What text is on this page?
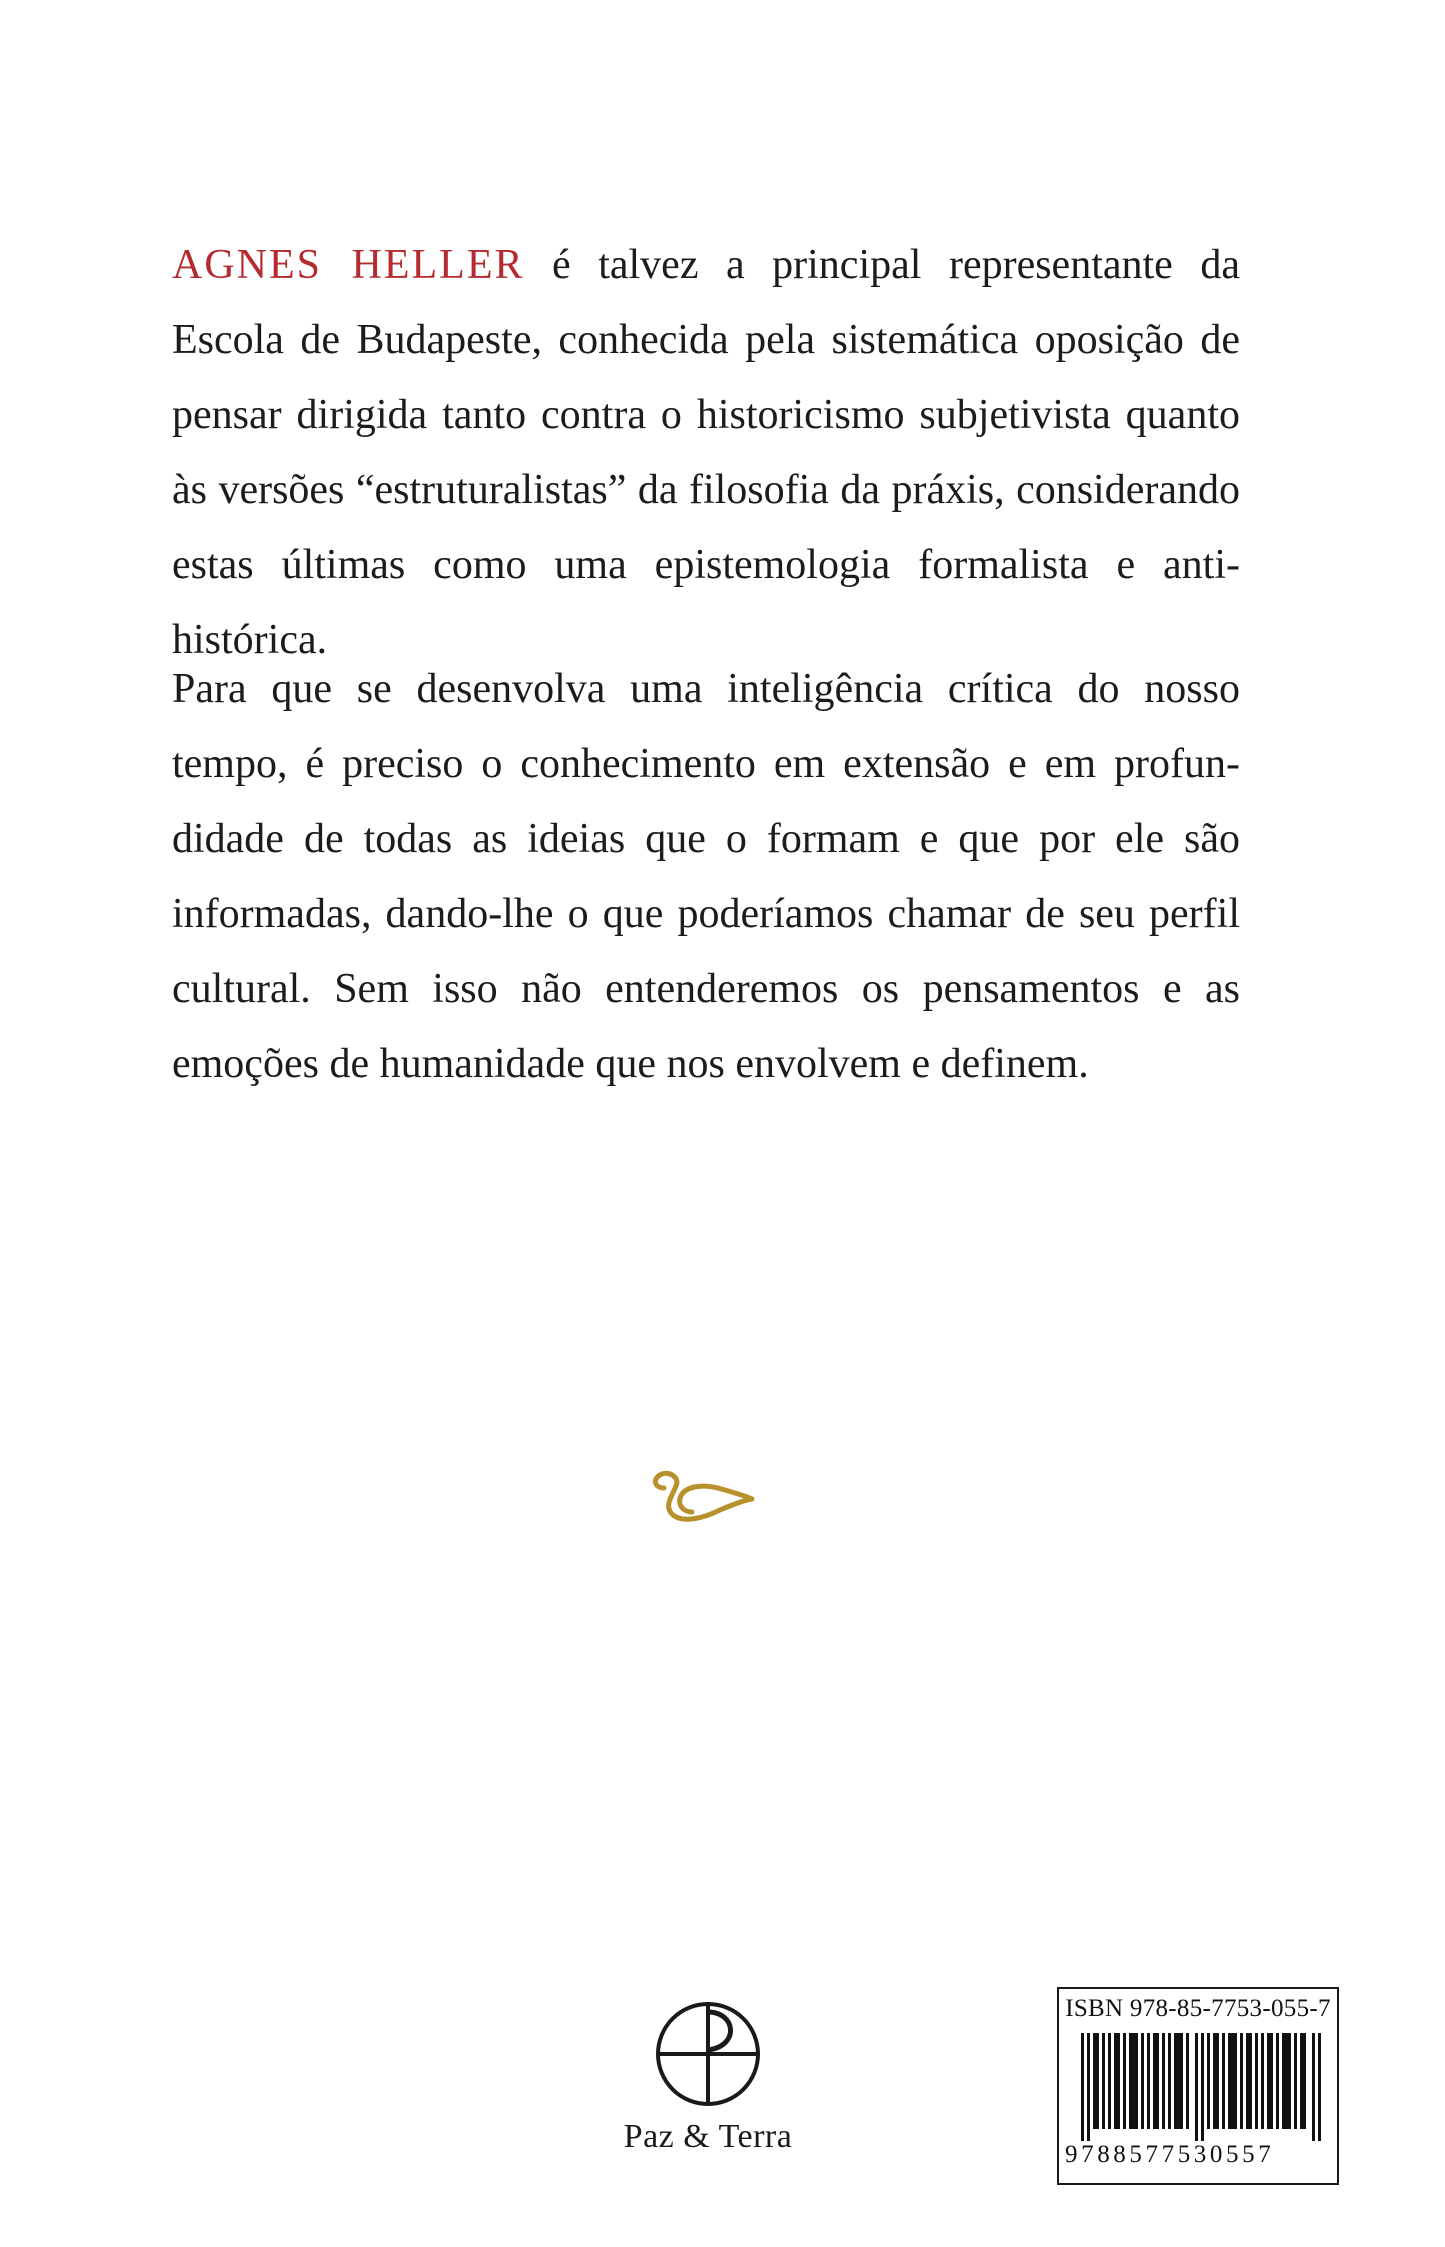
AGNES HELLER é talvez a principal representante da Escola de Budapeste, conhecida pela sistemática oposição de pensar dirigida tanto contra o historicismo subjetivista quanto às versões “estruturalistas” da filosofia da práxis, considerando estas últimas como uma epistemologia formalista e anti-histórica.
Para que se desenvolva uma inteligência crítica do nosso tempo, é preciso o conhecimento em extensão e em profundidade de todas as ideias que o formam e que por ele são informadas, dando-lhe o que poderíamos chamar de seu perfil cultural. Sem isso não entenderemos os pensamentos e as emoções de humanidade que nos envolvem e definem.
Paz & Terra
ISBN 978-85-7753-055-7
9788577530557
